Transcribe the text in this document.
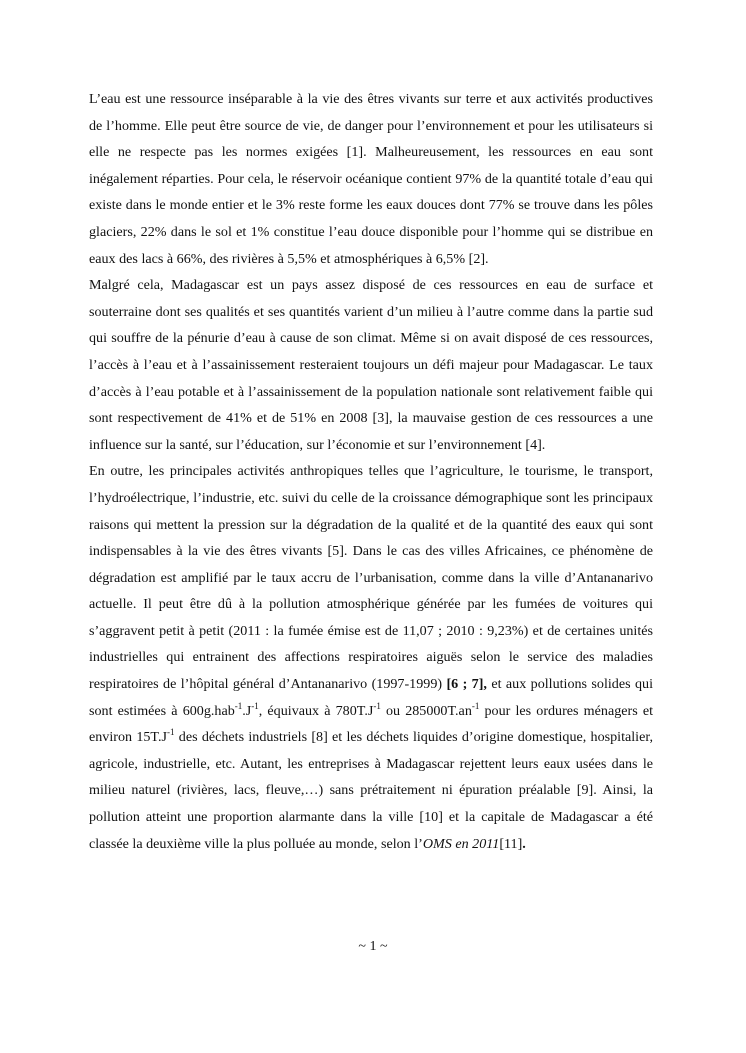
L’eau est une ressource inséparable à la vie des êtres vivants sur terre et aux activités productives de l’homme. Elle peut être source de vie, de danger pour l’environnement et pour les utilisateurs si elle ne respecte pas les normes exigées [1]. Malheureusement, les ressources en eau sont inégalement réparties. Pour cela, le réservoir océanique contient 97% de la quantité totale d’eau qui existe dans le monde entier et le 3% reste forme les eaux douces dont 77% se trouve dans les pôles glaciers, 22% dans le sol et 1% constitue l’eau douce disponible pour l’homme qui se distribue en eaux des lacs à 66%, des rivières à 5,5% et atmosphériques à 6,5% [2].

Malgré cela, Madagascar est un pays assez disposé de ces ressources en eau de surface et souterraine dont ses qualités et ses quantités varient d’un milieu à l’autre comme dans la partie sud qui souffre de la pénurie d’eau à cause de son climat. Même si on avait disposé de ces ressources, l’accès à l’eau et à l’assainissement resteraient toujours un défi majeur pour Madagascar. Le taux d’accès à l’eau potable et à l’assainissement de la population nationale sont relativement faible qui sont respectivement de 41% et de 51% en 2008 [3], la mauvaise gestion de ces ressources a une influence sur la santé, sur l’éducation, sur l’économie et sur l’environnement [4].

En outre, les principales activités anthropiques telles que l’agriculture, le tourisme, le transport, l’hydroélectrique, l’industrie, etc. suivi du celle de la croissance démographique sont les principaux raisons qui mettent la pression sur la dégradation de la qualité et de la quantité des eaux qui sont indispensables à la vie des êtres vivants [5]. Dans le cas des villes Africaines, ce phénomène de dégradation est amplifié par le taux accru de l’urbanisation, comme dans la ville d’Antananarivo actuelle. Il peut être dû à la pollution atmosphérique générée par les fumées de voitures qui s’aggravent petit à petit (2011 : la fumée émise est de 11,07 ; 2010 : 9,23%) et de certaines unités industrielles qui entrainent des affections respiratoires aiguës selon le service des maladies respiratoires de l’hôpital général d’Antananarivo (1997-1999) [6 ; 7], et aux pollutions solides qui sont estimées à $600g.hab^{-1}.J^{-1}$, équivaux à $780T.J^{-1}$ ou $285000T.an^{-1}$ pour les ordures ménagers et environ $15T.J^{-1}$ des déchets industriels [8] et les déchets liquides d’origine domestique, hospitalier, agricole, industrielle, etc. Autant, les entreprises à Madagascar rejettent leurs eaux usées dans le milieu naturel (rivières, lacs, fleuve,…) sans prétraitement ni épuration préalable [9]. Ainsi, la pollution atteint une proportion alarmante dans la ville [10] et la capitale de Madagascar a été classée la deuxième ville la plus polluée au monde, selon l’OMS en 2011[11].

~ 1 ~
